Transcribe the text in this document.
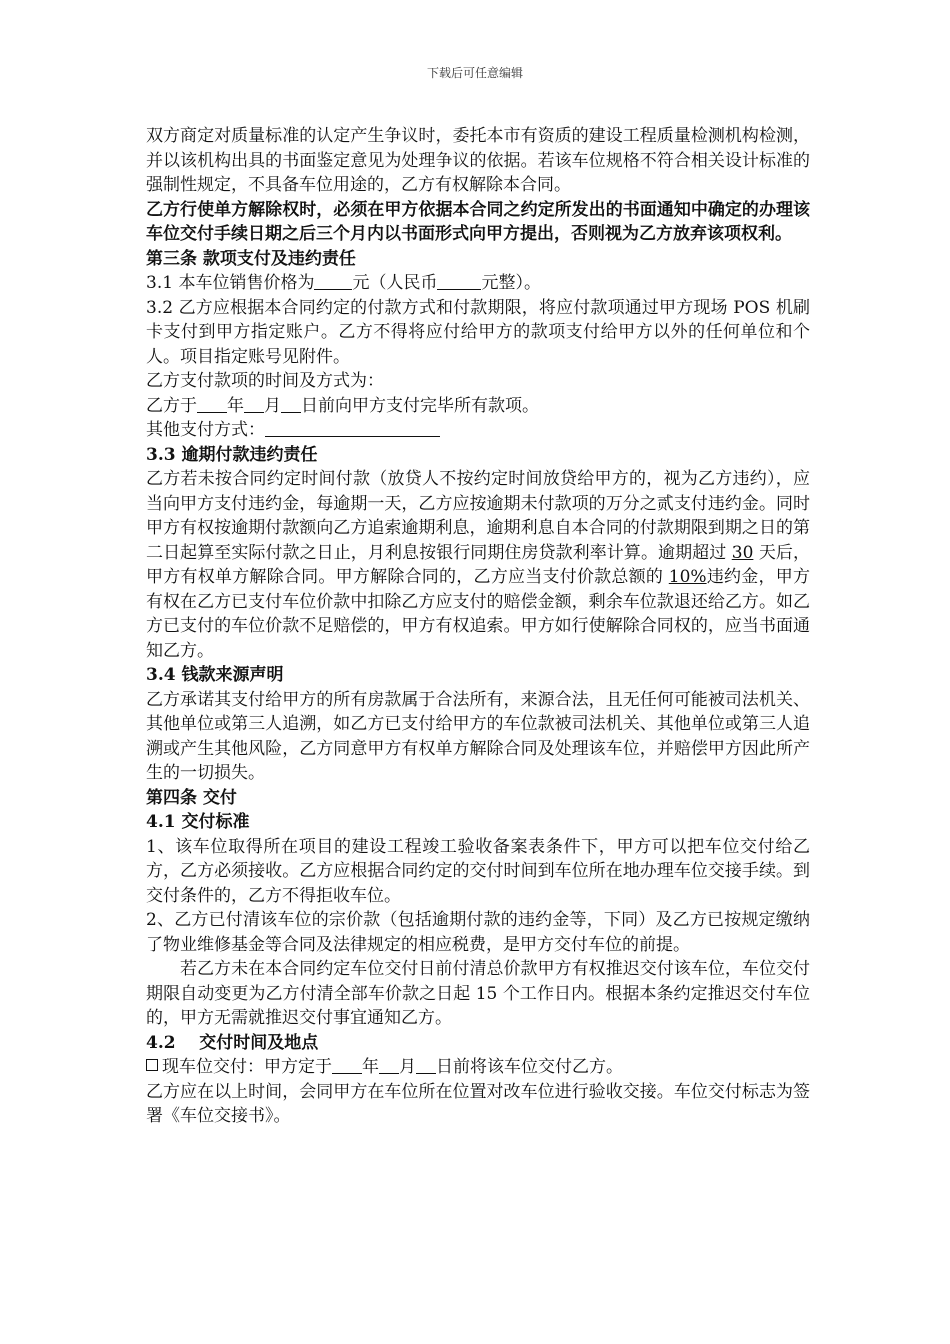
下载后可任意编辑

双方商定对质量标准的认定产生争议时，委托本市有资质的建设工程质量检测机构检测，并以该机构出具的书面鉴定意见为处理争议的依据。若该车位规格不符合相关设计标准的强制性规定，不具备车位用途的，乙方有权解除本合同。

乙方行使单方解除权时，必须在甲方依据本合同之约定所发出的书面通知中确定的办理该车位交付手续日期之后三个月内以书面形式向甲方提出，否则视为乙方放弃该项权利。

第三条 款项支付及违约责任

3.1 本车位销售价格为 元（人民币	元整）。

3.2 乙方应根据本合同约定的付款方式和付款期限，将应付款项通过甲方现场 POS 机刷卡支付到甲方指定账户。乙方不得将应付给甲方的款项支付给甲方以外的任何单位和个人。项目指定账号见附件。

乙方支付款项的时间及方式为：

乙方于 年 月 日前向甲方支付完毕所有款项。

其他支付方式：

3.3 逾期付款违约责任

乙方若未按合同约定时间付款（放贷人不按约定时间放贷给甲方的，视为乙方违约），应当向甲方支付违约金，每逾期一天，乙方应按逾期未付款项的万分之贰支付违约金。同时甲方有权按逾期付款额向乙方追索逾期利息，逾期利息自本合同的付款期限到期之日的第二日起算至实际付款之日止，月利息按银行同期住房贷款利率计算。逾期超过 30 天后，甲方有权单方解除合同。甲方解除合同的，乙方应当支付价款总额的 10%违约金，甲方有权在乙方已支付车位价款中扣除乙方应支付的赔偿金额，剩余车位款退还给乙方。如乙方已支付的车位价款不足赔偿的，甲方有权追索。甲方如行使解除合同权的，应当书面通知乙方。

3.4 钱款来源声明

乙方承诺其支付给甲方的所有房款属于合法所有，来源合法，且无任何可能被司法机关、其他单位或第三人追溯，如乙方已支付给甲方的车位款被司法机关、其他单位或第三人追溯或产生其他风险，乙方同意甲方有权单方解除合同及处理该车位，并赔偿甲方因此所产生的一切损失。

第四条 交付

4.1 交付标准

1、该车位取得所在项目的建设工程竣工验收备案表条件下，甲方可以把车位交付给乙方，乙方必须接收。乙方应根据合同约定的交付时间到车位所在地办理车位交接手续。到交付条件的，乙方不得拒收车位。

2、乙方已付清该车位的宗价款（包括逾期付款的违约金等，下同）及乙方已按规定缴纳了物业维修基金等合同及法律规定的相应税费，是甲方交付车位的前提。

若乙方未在本合同约定车位交付日前付清总价款甲方有权推迟交付该车位，车位交付期限自动变更为乙方付清全部车价款之日起 15 个工作日内。根据本条约定推迟交付车位的，甲方无需就推迟交付事宜通知乙方。

4.2    交付时间及地点

现车位交付：甲方定于 年 月 日前将该车位交付乙方。

乙方应在以上时间，会同甲方在车位所在位置对改车位进行验收交接。车位交付标志为签署《车位交接书》。
